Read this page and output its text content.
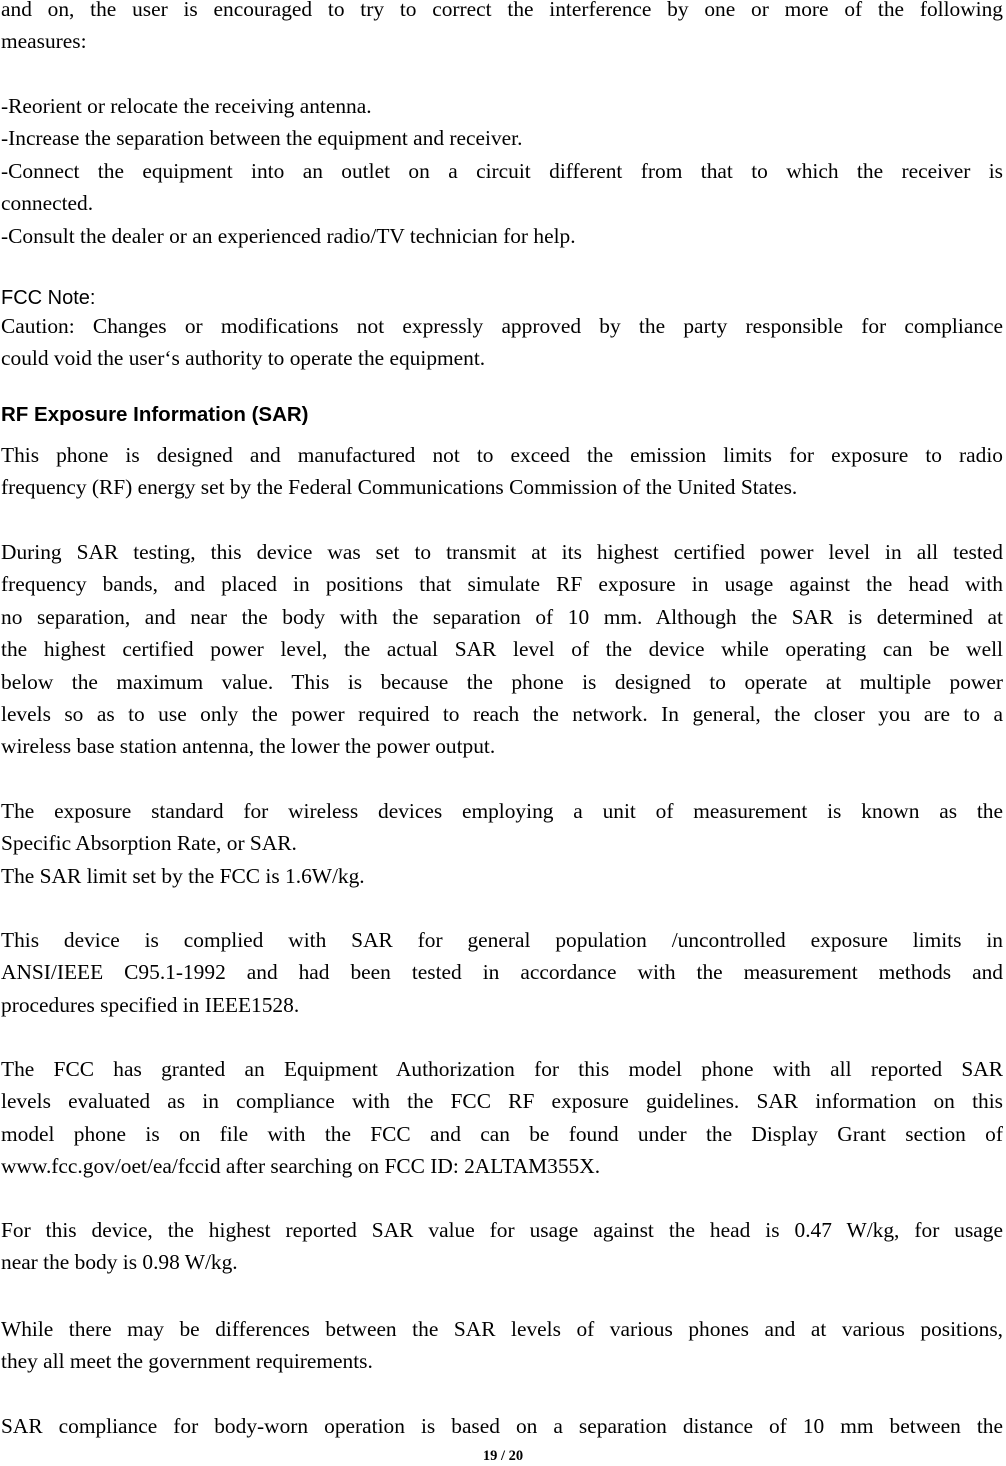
and on, the user is encouraged to try to correct the interference by one or more of the following
measures:
-Reorient or relocate the receiving antenna.
-Increase the separation between the equipment and receiver.
-Connect the equipment into an outlet on a circuit different from that to which the receiver is
connected.
-Consult the dealer or an experienced radio/TV technician for help.
FCC Note:
Caution: Changes or modifications not expressly approved by the party responsible for compliance
could void the user‘s authority to operate the equipment.
RF Exposure Information (SAR)
This phone is designed and manufactured not to exceed the emission limits for exposure to radio
frequency (RF) energy set by the Federal Communications Commission of the United States.
During SAR testing, this device was set to transmit at its highest certified power level in all tested
frequency bands, and placed in positions that simulate RF exposure in usage against the head with
no separation, and near the body with the separation of 10 mm. Although the SAR is determined at
the highest certified power level, the actual SAR level of the device while operating can be well
below the maximum value. This is because the phone is designed to operate at multiple power
levels so as to use only the power required to reach the network. In general, the closer you are to a
wireless base station antenna, the lower the power output.
The exposure standard for wireless devices employing a unit of measurement is known as the
Specific Absorption Rate, or SAR.
The SAR limit set by the FCC is 1.6W/kg.
This device is complied with SAR for general population /uncontrolled exposure limits in
ANSI/IEEE C95.1-1992 and had been tested in accordance with the measurement methods and
procedures specified in IEEE1528.
The FCC has granted an Equipment Authorization for this model phone with all reported SAR
levels evaluated as in compliance with the FCC RF exposure guidelines. SAR information on this
model phone is on file with the FCC and can be found under the Display Grant section of
www.fcc.gov/oet/ea/fccid after searching on FCC ID: 2ALTAM355X.
For this device, the highest reported SAR value for usage against the head is 0.47 W/kg, for usage
near the body is 0.98 W/kg.
While there may be differences between the SAR levels of various phones and at various positions,
they all meet the government requirements.
SAR compliance for body-worn operation is based on a separation distance of 10 mm between the
19 / 20
